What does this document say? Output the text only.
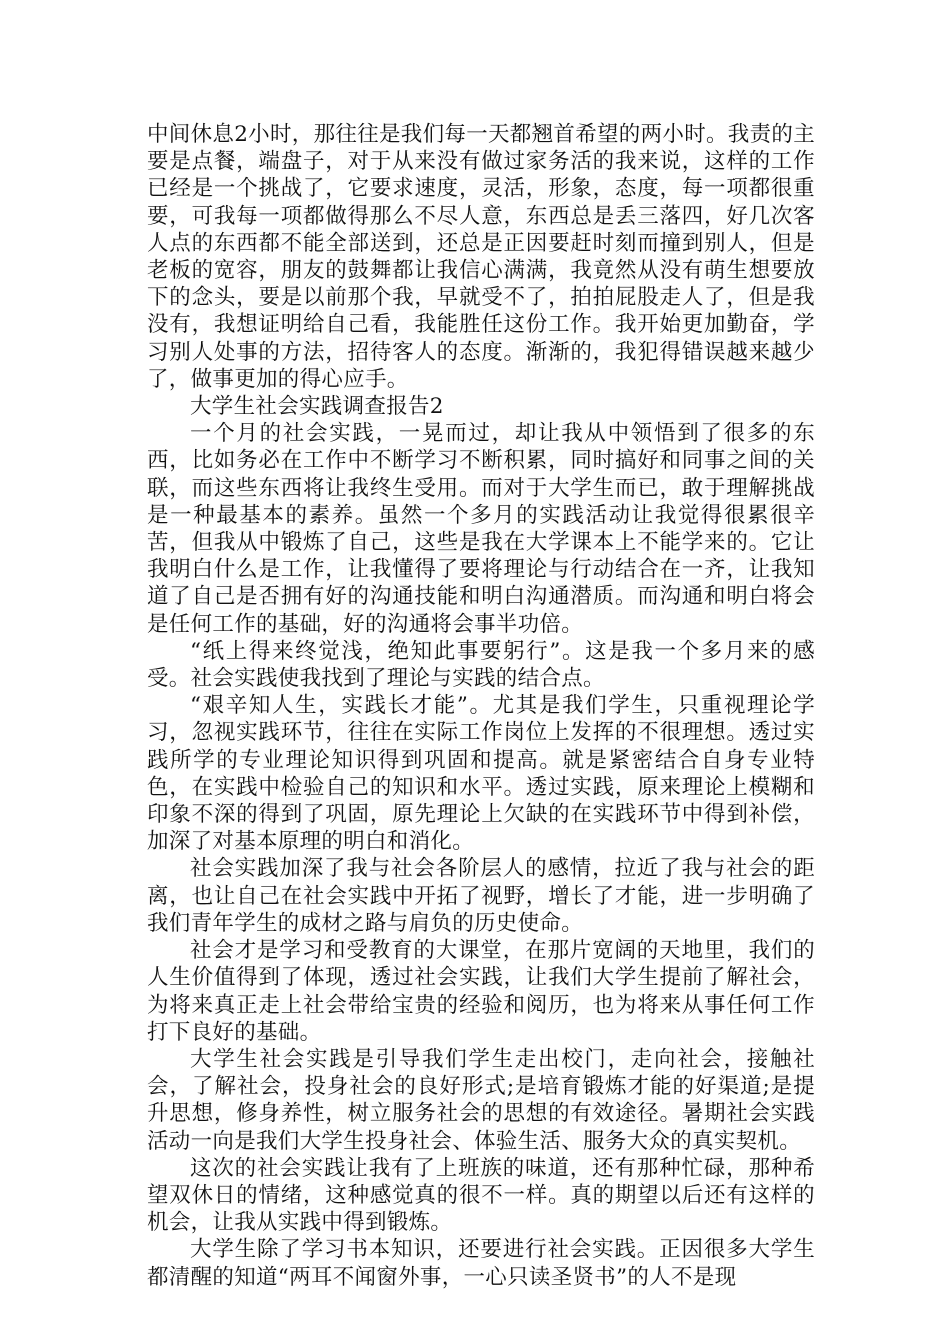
中间休息2小时，那往往是我们每一天都翘首希望的两小时。我责的主要是点餐，端盘子，对于从来没有做过家务活的我来说，这样的工作已经是一个挑战了，它要求速度，灵活，形象，态度，每一项都很重要，可我每一项都做得那么不尽人意，东西总是丢三落四，好几次客人点的东西都不能全部送到，还总是正因要赶时刻而撞到别人，但是老板的宽容，朋友的鼓舞都让我信心满满，我竟然从没有萌生想要放下的念头，要是以前那个我，早就受不了，拍拍屁股走人了，但是我没有，我想证明给自己看，我能胜任这份工作。我开始更加勤奋，学习别人处事的方法，招待客人的态度。渐渐的，我犯得错误越来越少了，做事更加的得心应手。

大学生社会实践调查报告2

一个月的社会实践，一晃而过，却让我从中领悟到了很多的东西，比如务必在工作中不断学习不断积累，同时搞好和同事之间的关联，而这些东西将让我终生受用。而对于大学生而已，敢于理解挑战是一种最基本的素养。虽然一个多月的实践活动让我觉得很累很辛苦，但我从中锻炼了自己，这些是我在大学课本上不能学来的。它让我明白什么是工作，让我懂得了要将理论与行动结合在一齐，让我知道了自己是否拥有好的沟通技能和明白沟通潜质。而沟通和明白将会是任何工作的基础，好的沟通将会事半功倍。

“纸上得来终觉浅，绝知此事要躬行”。这是我一个多月来的感受。社会实践使我找到了理论与实践的结合点。

“艰辛知人生，实践长才能”。尤其是我们学生，只重视理论学习，忽视实践环节，往往在实际工作岗位上发挥的不很理想。透过实践所学的专业理论知识得到巩固和提高。就是紧密结合自身专业特色，在实践中检验自己的知识和水平。透过实践，原来理论上模糊和印象不深的得到了巩固，原先理论上欠缺的在实践环节中得到补偿，加深了对基本原理的明白和消化。

社会实践加深了我与社会各阶层人的感情，拉近了我与社会的距离，也让自己在社会实践中开拓了视野，增长了才能，进一步明确了我们青年学生的成材之路与肩负的历史使命。

社会才是学习和受教育的大课堂，在那片宽阔的天地里，我们的人生价值得到了体现，透过社会实践，让我们大学生提前了解社会，为将来真正走上社会带给宝贵的经验和阅历，也为将来从事任何工作打下良好的基础。

大学生社会实践是引导我们学生走出校门，走向社会，接触社会，了解社会，投身社会的良好形式;是培育锻炼才能的好渠道;是提升思想，修身养性，树立服务社会的思想的有效途径。暑期社会实践活动一向是我们大学生投身社会、体验生活、服务大众的真实契机。

这次的社会实践让我有了上班族的味道，还有那种忙碌，那种希望双休日的情绪，这种感觉真的很不一样。真的期望以后还有这样的机会，让我从实践中得到锻炼。

大学生除了学习书本知识，还要进行社会实践。正因很多大学生都清醒的知道“两耳不闻窗外事，一心只读圣贤书”的人不是现
